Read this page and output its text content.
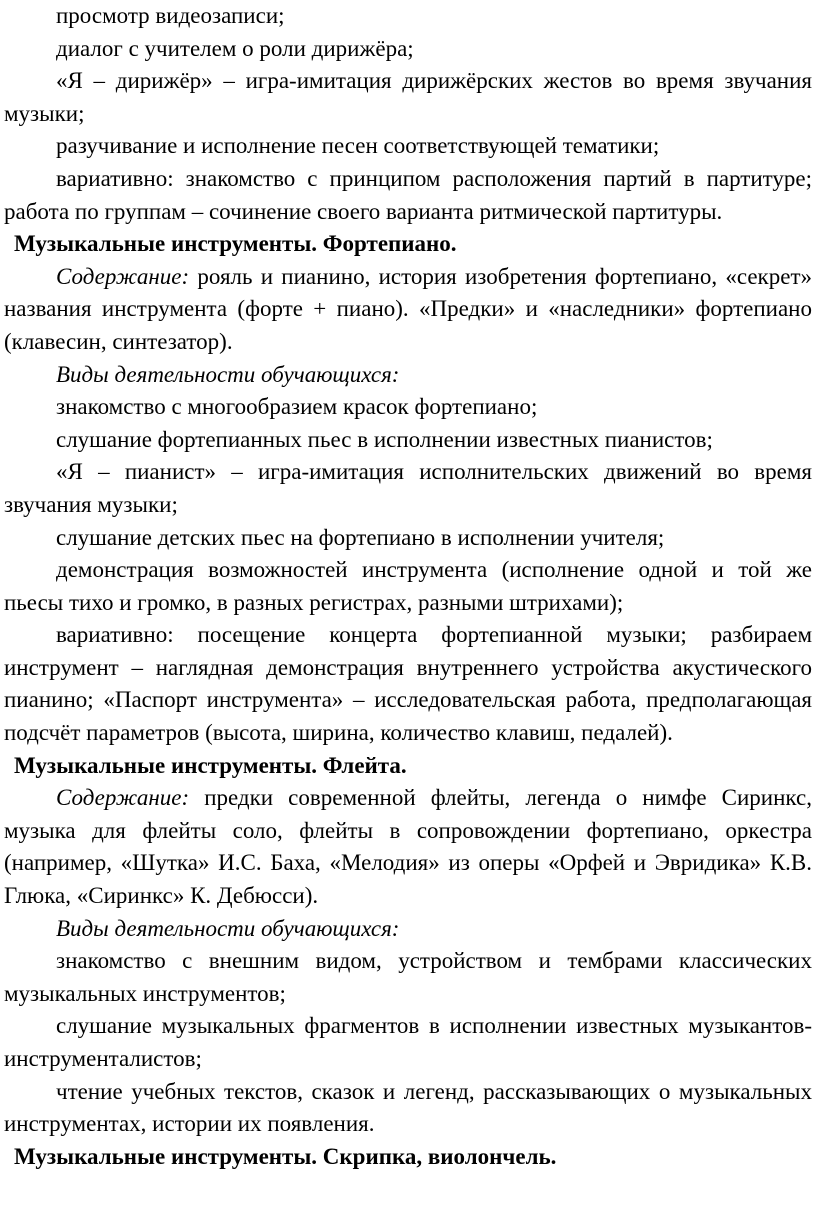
просмотр видеозаписи;

диалог с учителем о роли дирижёра;

«Я – дирижёр» – игра-имитация дирижёрских жестов во время звучания музыки;

разучивание и исполнение песен соответствующей тематики;

вариативно: знакомство с принципом расположения партий в партитуре; работа по группам – сочинение своего варианта ритмической партитуры.

Музыкальные инструменты. Фортепиано.

Содержание: рояль и пианино, история изобретения фортепиано, «секрет» названия инструмента (форте + пиано). «Предки» и «наследники» фортепиано (клавесин, синтезатор).

Виды деятельности обучающихся:

знакомство с многообразием красок фортепиано;

слушание фортепианных пьес в исполнении известных пианистов;

«Я – пианист» – игра-имитация исполнительских движений во время звучания музыки;

слушание детских пьес на фортепиано в исполнении учителя;

демонстрация возможностей инструмента (исполнение одной и той же пьесы тихо и громко, в разных регистрах, разными штрихами);

вариативно: посещение концерта фортепианной музыки; разбираем инструмент – наглядная демонстрация внутреннего устройства акустического пианино; «Паспорт инструмента» – исследовательская работа, предполагающая подсчёт параметров (высота, ширина, количество клавиш, педалей).

Музыкальные инструменты. Флейта.

Содержание: предки современной флейты, легенда о нимфе Сиринкс, музыка для флейты соло, флейты в сопровождении фортепиано, оркестра (например, «Шутка» И.С. Баха, «Мелодия» из оперы «Орфей и Эвридика» К.В. Глюка, «Сиринкс» К. Дебюсси).

Виды деятельности обучающихся:

знакомство с внешним видом, устройством и тембрами классических музыкальных инструментов;

слушание музыкальных фрагментов в исполнении известных музыкантов-инструменталистов;

чтение учебных текстов, сказок и легенд, рассказывающих о музыкальных инструментах, истории их появления.

Музыкальные инструменты. Скрипка, виолончель.
